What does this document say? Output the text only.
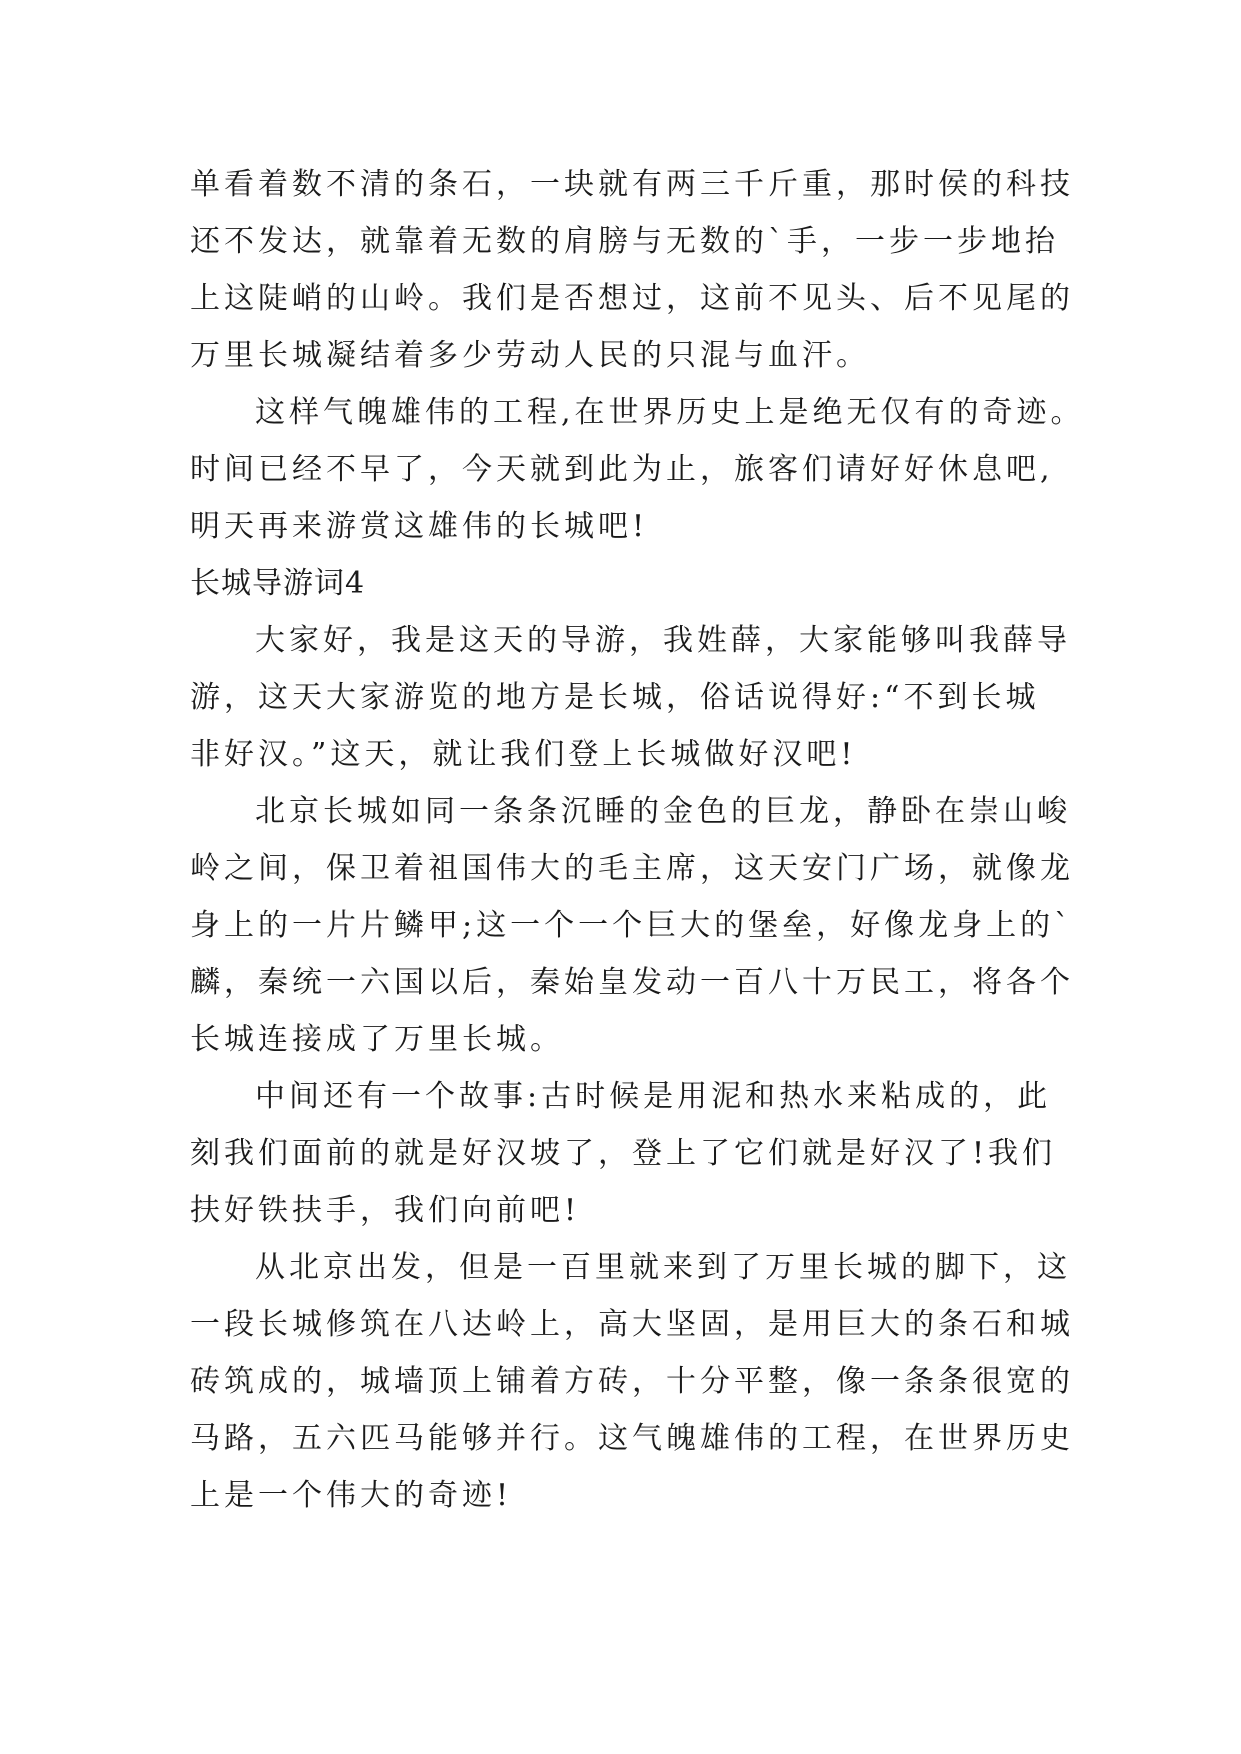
单看着数不清的条石，一块就有两三千斤重，那时侯的科技
还不发达，就靠着无数的肩膀与无数的`手，一步一步地抬
上这陡峭的山岭。我们是否想过，这前不见头、后不见尾的
万里长城凝结着多少劳动人民的只混与血汗。
这样气魄雄伟的工程,在世界历史上是绝无仅有的奇迹。
时间已经不早了，今天就到此为止，旅客们请好好休息吧,
明天再来游赏这雄伟的长城吧!
长城导游词4
大家好，我是这天的导游，我姓薛，大家能够叫我薛导
游，这天大家游览的地方是长城，俗话说得好:“不到长城
非好汉。”这天，就让我们登上长城做好汉吧!
北京长城如同一条条沉睡的金色的巨龙，静卧在崇山峻
岭之间，保卫着祖国伟大的毛主席，这天安门广场，就像龙
身上的一片片鳞甲;这一个一个巨大的堡垒，好像龙身上的`
麟，秦统一六国以后，秦始皇发动一百八十万民工，将各个
长城连接成了万里长城。
中间还有一个故事:古时候是用泥和热水来粘成的，此
刻我们面前的就是好汉坡了，登上了它们就是好汉了!我们
扶好铁扶手，我们向前吧!
从北京出发，但是一百里就来到了万里长城的脚下，这
一段长城修筑在八达岭上，高大坚固，是用巨大的条石和城
砖筑成的，城墙顶上铺着方砖，十分平整，像一条条很宽的
马路，五六匹马能够并行。这气魄雄伟的工程，在世界历史
上是一个伟大的奇迹!
